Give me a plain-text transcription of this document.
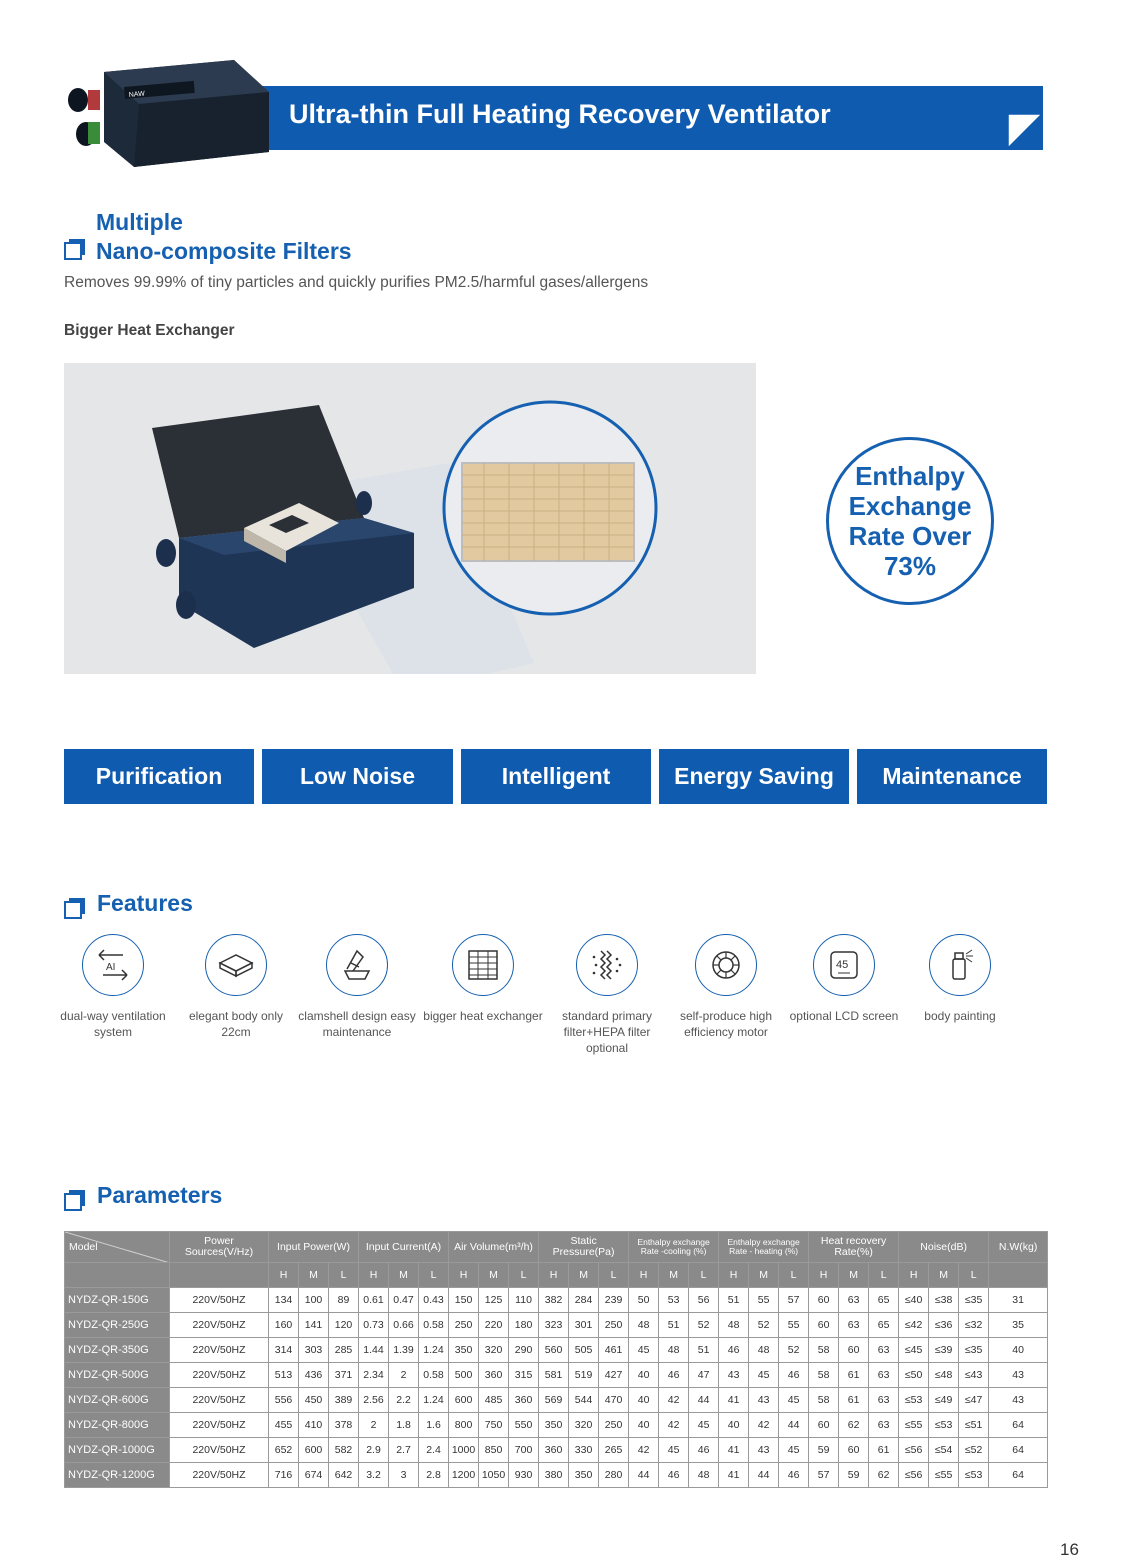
Ultra-thin Full Heating Recovery Ventilator
NAW
Multiple
Nano-composite Filters
Removes 99.99% of tiny particles and quickly purifies PM2.5/harmful gases/allergens
Bigger Heat Exchanger
Enthalpy Exchange Rate Over 73%
Purification	Low Noise	Intelligent	Energy Saving	Maintenance
Features
AI
dual-way ventilation system
elegant body only 22cm
clamshell design easy maintenance
bigger heat exchanger	standard primary filter+HEPA filter optional
self-produce high efficiency motor
45
optional LCD screen	body painting
Parameters
Model	Power Sources(V/Hz)	Input Power(W)			Input Current(A)			Air Volume(m³/h)			Static Pressure(Pa)			Enthalpy exchange Rate -cooling (%)			Enthalpy exchange Rate - heating (%)			Heat recovery Rate(%)			Noise(dB)			N.W(kg)
		H	M	L	H	M	L	H	M	L	H	M	L	H	M	L	H	M	L	H	M	L	H	M	L	
NYDZ-QR-150G	220V/50HZ	134	100	89	0.61	0.47	0.43	150	125	110	382	284	239	50	53	56	51	55	57	60	63	65	≤40	≤38	≤35	31
NYDZ-QR-250G	220V/50HZ	160	141	120	0.73	0.66	0.58	250	220	180	323	301	250	48	51	52	48	52	55	60	63	65	≤42	≤36	≤32	35
NYDZ-QR-350G	220V/50HZ	314	303	285	1.44	1.39	1.24	350	320	290	560	505	461	45	48	51	46	48	52	58	60	63	≤45	≤39	≤35	40
NYDZ-QR-500G	220V/50HZ	513	436	371	2.34	2	0.58	500	360	315	581	519	427	40	46	47	43	45	46	58	61	63	≤50	≤48	≤43	43
NYDZ-QR-600G	220V/50HZ	556	450	389	2.56	2.2	1.24	600	485	360	569	544	470	40	42	44	41	43	45	58	61	63	≤53	≤49	≤47	43
NYDZ-QR-800G	220V/50HZ	455	410	378	2	1.8	1.6	800	750	550	350	320	250	40	42	45	40	42	44	60	62	63	≤55	≤53	≤51	64
NYDZ-QR-1000G	220V/50HZ	652	600	582	2.9	2.7	2.4	1000	850	700	360	330	265	42	45	46	41	43	45	59	60	61	≤56	≤54	≤52	64
NYDZ-QR-1200G	220V/50HZ	716	674	642	3.2	3	2.8	1200	1050	930	380	350	280	44	46	48	41	44	46	57	59	62	≤56	≤55	≤53	64
16
